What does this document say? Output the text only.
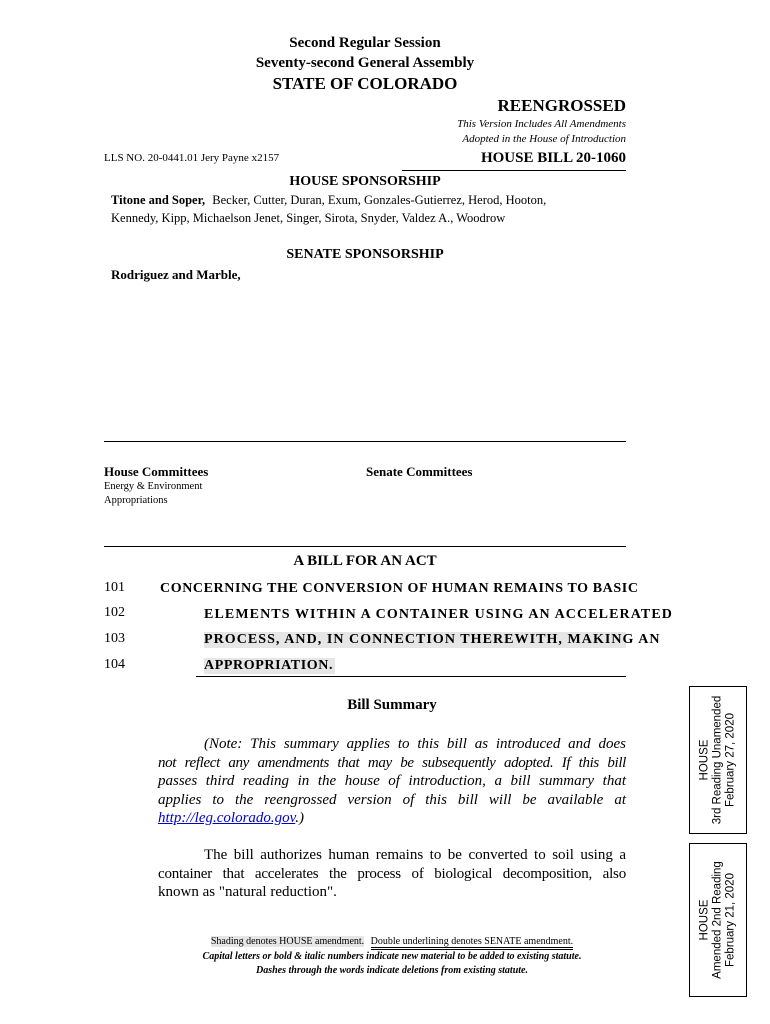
Second Regular Session
Seventy-second General Assembly
STATE OF COLORADO
REENGROSSED
This Version Includes All Amendments
Adopted in the House of Introduction
LLS NO. 20-0441.01 Jery Payne x2157	HOUSE BILL 20-1060
HOUSE SPONSORSHIP
Titone and Soper, Becker, Cutter, Duran, Exum, Gonzales-Gutierrez, Herod, Hooton,
Kennedy, Kipp, Michaelson Jenet, Singer, Sirota, Snyder, Valdez A., Woodrow
SENATE SPONSORSHIP
Rodriguez and Marble,
House Committees	Senate Committees
Energy & Environment
Appropriations
A BILL FOR AN ACT
101	CONCERNING THE CONVERSION OF HUMAN REMAINS TO BASIC
102	ELEMENTS WITHIN A CONTAINER USING AN ACCELERATED
103	PROCESS, AND, IN CONNECTION THEREWITH, MAKING AN
104	APPROPRIATION.
Bill Summary
(Note: This summary applies to this bill as introduced and does
not reflect any amendments that may be subsequently adopted. If this bill
passes third reading in the house of introduction, a bill summary that
applies to the reengrossed version of this bill will be available at
http://leg.colorado.gov.)
The bill authorizes human remains to be converted to soil using a
container that accelerates the process of biological decomposition, also
known as "natural reduction".
Shading denotes HOUSE amendment. Double underlining denotes SENATE amendment.
Capital letters or bold & italic numbers indicate new material to be added to existing statute.
Dashes through the words indicate deletions from existing statute.
HOUSE 3rd Reading Unamended February 27, 2020
HOUSE Amended 2nd Reading February 21, 2020
